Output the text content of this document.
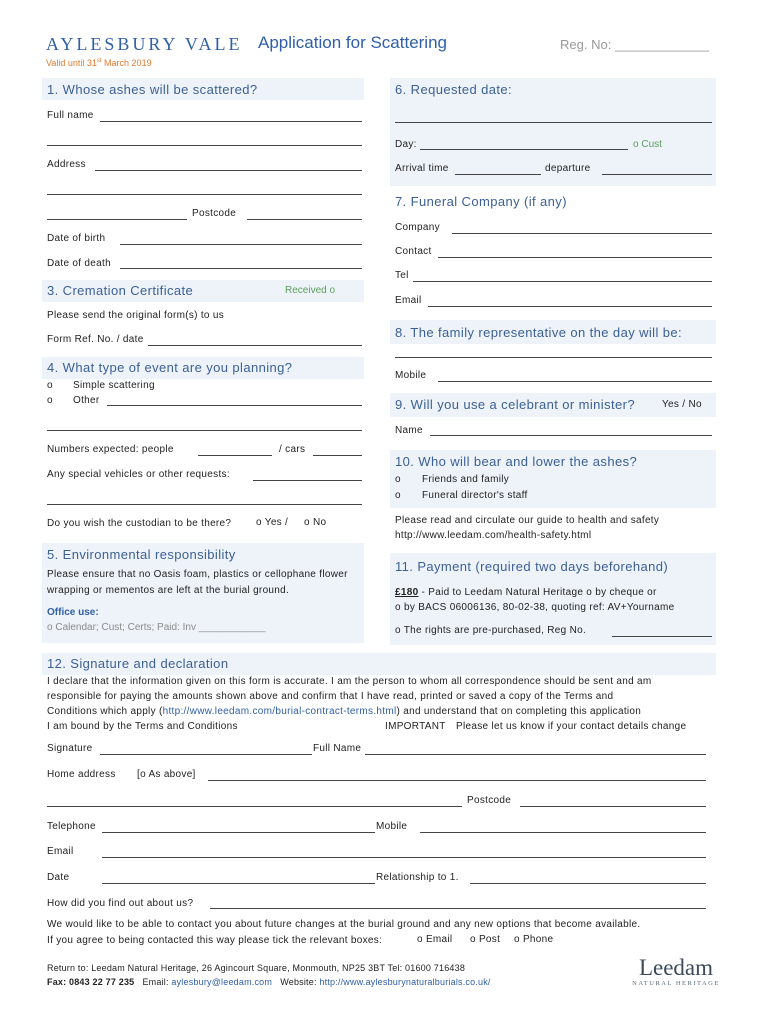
AYLESBURY VALE Application for Scattering	Reg. No: _____________
Valid until 31st March 2019
1. Whose ashes will be scattered?
Full name
Address
Postcode
Date of birth
Date of death
3. Cremation Certificate	Received o
Please send the original form(s) to us
Form Ref. No. / date
4. What type of event are you planning?
o Simple scattering
o Other
Numbers expected: people	/ cars
Any special vehicles or other requests:
Do you wish the custodian to be there? o Yes / o No
5. Environmental responsibility
Please ensure that no Oasis foam, plastics or cellophane flower
wrapping or mementos are left at the burial ground.
Office use:
o Calendar; Cust; Certs; Paid: Inv ____________
6. Requested date:
Day:	o Cust
Arrival time	departure
7. Funeral Company (if any)
Company
Contact
Tel
Email
8. The family representative on the day will be:
Mobile
9. Will you use a celebrant or minister?	Yes / No
Name
10. Who will bear and lower the ashes?
o Friends and family
o Funeral director's staff
Please read and circulate our guide to health and safety
http://www.leedam.com/health-safety.html
11. Payment (required two days beforehand)
£180 - Paid to Leedam Natural Heritage o by cheque or
o by BACS 06006136, 80-02-38, quoting ref: AV+Yourname
o The rights are pre-purchased, Reg No.
12. Signature and declaration
I declare that the information given on this form is accurate. I am the person to whom all correspondence should be sent and am
responsible for paying the amounts shown above and confirm that I have read, printed or saved a copy of the Terms and
Conditions which apply (http://www.leedam.com/burial-contract-terms.html) and understand that on completing this application
I am bound by the Terms and Conditions	IMPORTANT Please let us know if your contact details change
Signature	Full Name
Home address [o As above]
Postcode
Telephone	Mobile
Email
Date	Relationship to 1.
How did you find out about us?
We would like to be able to contact you about future changes at the burial ground and any new options that become available.
If you agree to being contacted this way please tick the relevant boxes:	o Email o Post o Phone
Return to: Leedam Natural Heritage, 26 Agincourt Square, Monmouth, NP25 3BT Tel: 01600 716438
Fax: 0843 22 77 235 Email: aylesbury@leedam.com Website: http://www.aylesburynaturalburials.co.uk/
Leedam
NATURAL HERITAGE
